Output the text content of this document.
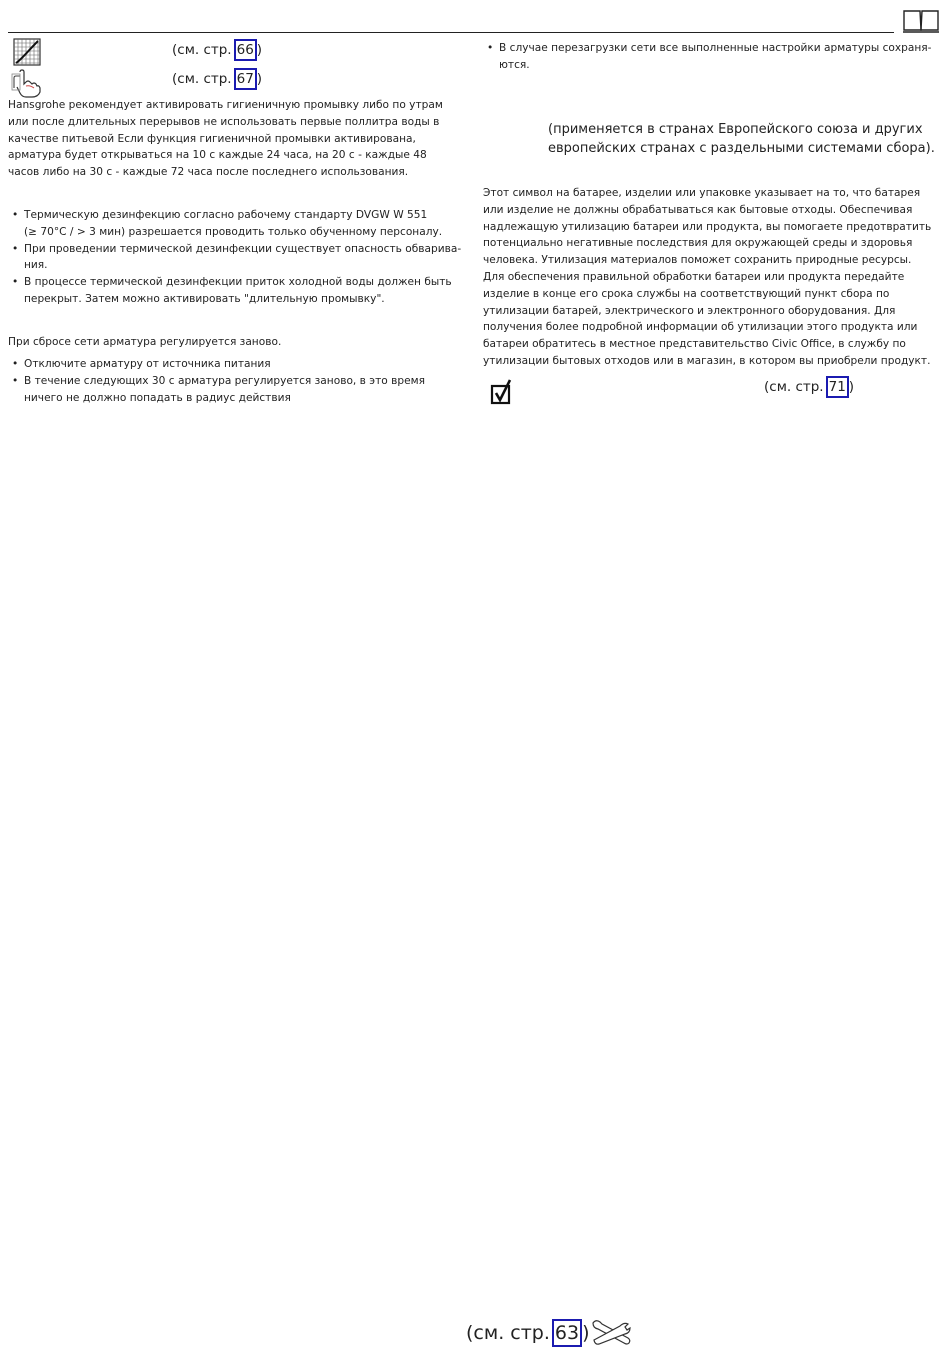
(см. стр. 66 )
(см. стр. 67 )
Hansgrohe рекомендует активировать гигиеничную промывку либо по утрам
или после длительных перерывов не использовать первые поллитра воды в
качестве питьевой Если функция гигиеничной промывки активирована,
арматура будет открываться на 10 с каждые 24 часа, на 20 с - каждые 48
часов либо на 30 с - каждые 72 часа после последнего использования.
• Термическую дезинфекцию согласно рабочему стандарту DVGW W 551
(≥ 70°C / > 3 мин) разрешается проводить только обученному персоналу.
• При проведении термической дезинфекции существует опасность обварива-
ния.
• В процессе термической дезинфекции приток холодной воды должен быть
перекрыт. Затем можно активировать "длительную промывку".
При сбросе сети арматура регулируется заново.
• Отключите арматуру от источника питания
• В течение следующих 30 с арматура регулируется заново, в это время
ничего не должно попадать в радиус действия
• В случае перезагрузки сети все выполненные настройки арматуры сохраня-
ются.
(применяется в странах Европейского союза и других
европейских странах с раздельными системами сбора).
Этот символ на батарее, изделии или упаковке указывает на то, что батарея
или изделие не должны обрабатываться как бытовые отходы. Обеспечивая
надлежащую утилизацию батареи или продукта, вы помогаете предотвратить
потенциально негативные последствия для окружающей среды и здоровья
человека. Утилизация материалов поможет сохранить природные ресурсы.
Для обеспечения правильной обработки батареи или продукта передайте
изделие в конце его срока службы на соответствующий пункт сбора по
утилизации батарей, электрического и электронного оборудования. Для
получения более подробной информации об утилизации этого продукта или
батареи обратитесь в местное представительство Civic Office, в службу по
утилизации бытовых отходов или в магазин, в котором вы приобрели продукт.
(см. стр. 71 )
(см. стр. 63 )
